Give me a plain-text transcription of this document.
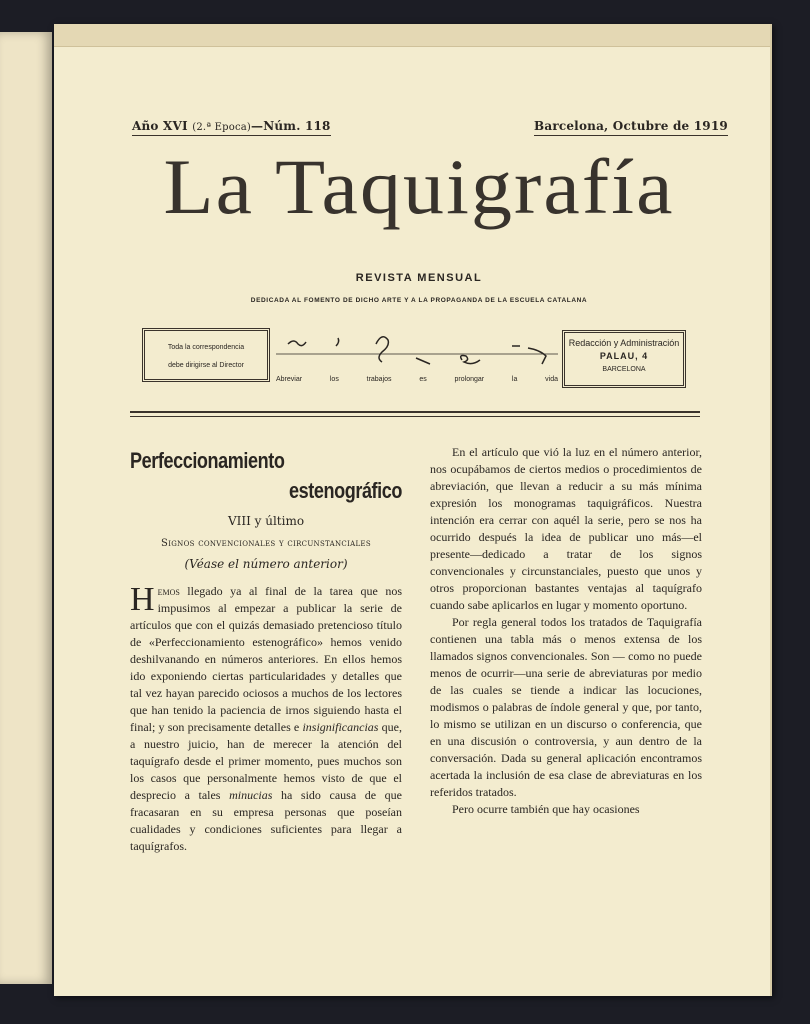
Año XVI (2.ª Epoca)—Núm. 118	Barcelona, Octubre de 1919
La Taquigrafía
REVISTA MENSUAL
DEDICADA AL FOMENTO DE DICHO ARTE Y A LA PROPAGANDA DE LA ESCUELA CATALANA
Toda la correspondencia
debe dirigirse al Director
Abreviar	los	trabajos	es	prolongar	la	vida
Redacción y Administración
PALAU, 4
BARCELONA
Perfeccionamiento
estenográfico
VIII y último
Signos convencionales y circunstanciales
(Véase el número anterior)

Hemos llegado ya al final de la tarea que nos impusimos al empezar a publicar la serie de artículos que con el quizás demasiado pretencioso título de «Perfeccionamiento estenográfico» hemos venido deshilvanando en números anteriores. En ellos hemos ido exponiendo ciertas particularidades y detalles que tal vez hayan parecido ociosos a muchos de los lectores que han tenido la paciencia de irnos siguiendo hasta el final; y son precisamente detalles e insignificancias que, a nuestro juicio, han de merecer la atención del taquígrafo desde el primer momento, pues muchos son los casos que personalmente hemos visto de que el desprecio a tales minucias ha sido causa de que fracasaran en su empresa personas que poseían cualidades y condiciones suficientes para llegar a taquígrafos.

En el artículo que vió la luz en el número anterior, nos ocupábamos de ciertos medios o procedimientos de abreviación, que llevan a reducir a su más mínima expresión los monogramas taquigráficos. Nuestra intención era cerrar con aquél la serie, pero se nos ha ocurrido después la idea de publicar uno más—el presente—dedicado a tratar de los signos convencionales y circunstanciales, puesto que unos y otros proporcionan bastantes ventajas al taquígrafo cuando sabe aplicarlos en lugar y momento oportuno.

Por regla general todos los tratados de Taquigrafía contienen una tabla más o menos extensa de los llamados signos convencionales. Son — como no puede menos de ocurrir—una serie de abreviaturas por medio de las cuales se tiende a indicar las locuciones, modismos o palabras de índole general y que, por tanto, lo mismo se utilizan en un discurso o conferencia, que en una discusión o controversia, y aun dentro de la conversación. Dada su general aplicación encontramos acertada la inclusión de esa clase de abreviaturas en los referidos tratados.

Pero ocurre también que hay ocasiones
